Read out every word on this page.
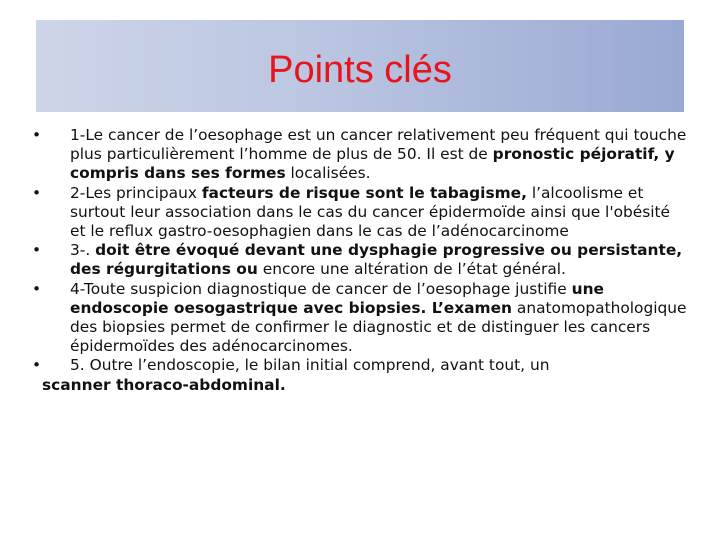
Points clés
• 1-Le cancer de l’oesophage est un cancer relativement peu fréquent qui touche plus particulièrement l’homme de plus de 50. Il est de pronostic péjoratif, y compris dans ses formes localisées.
• 2-Les principaux facteurs de risque sont le tabagisme, l’alcoolisme et surtout leur association dans le cas du cancer épidermoïde ainsi que l'obésité et le reflux gastro-oesophagien dans le cas de l’adénocarcinome
• 3-. doit être évoqué devant une dysphagie progressive ou persistante, des régurgitations ou encore une altération de l’état général.
• 4-Toute suspicion diagnostique de cancer de l’oesophage justifie une endoscopie oesogastrique avec biopsies. L’examen anatomopathologique des biopsies permet de confirmer le diagnostic et de distinguer les cancers épidermoïdes des adénocarcinomes.
• 5. Outre l’endoscopie, le bilan initial comprend, avant tout, un
scanner thoraco-abdominal.
